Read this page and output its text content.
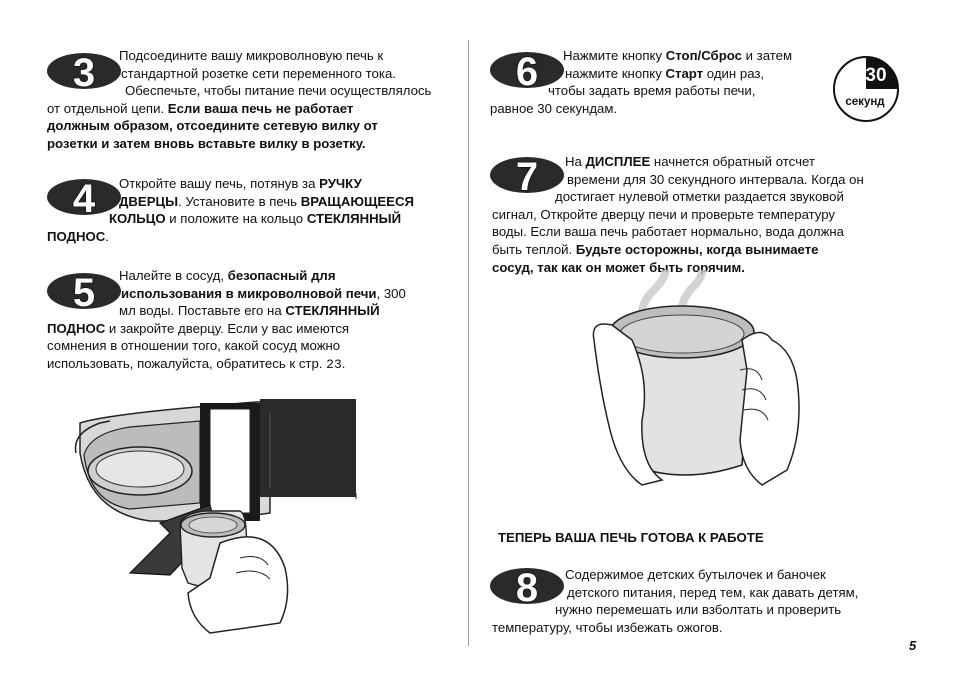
3	Подсоедините вашу микроволновую печь к
стандартной розетке сети переменного тока.
Обеспечьте, чтобы питание печи осуществлялось
от отдельной цепи. Если ваша печь не работает
должным образом, отсоедините сетевую вилку от
розетки и затем вновь вставьте вилку в розетку.
4	Откройте вашу печь, потянув за РУЧКУ
ДВЕРЦЫ. Установите в печь ВРАЩАЮЩЕЕСЯ
КОЛЬЦО и положите на кольцо СТЕКЛЯННЫЙ
ПОДНОС.
5	Налейте в сосуд, безопасный для
использования в микроволновой печи, 300
мл воды. Поставьте его на СТЕКЛЯННЫЙ
ПОДНОС и закройте дверцу. Если у вас имеются
сомнения в отношении того, какой сосуд можно
использовать, пожалуйста, обратитесь к стр. 23.
6	Нажмите кнопку Стоп/Сброс и затем
нажмите кнопку Старт один раз,
чтобы задать время работы печи,
равное 30 секундам.
30
секунд
7	На ДИСПЛЕЕ начнется обратный отсчет
времени для 30 секундного интервала. Когда он
достигает нулевой отметки раздается звуковой
сигнал, Откройте дверцу печи и проверьте температуру
воды. Если ваша печь работает нормально, вода должна
быть теплой. Будьте осторожны, когда вынимаете
сосуд, так как он может быть горячим.
ТЕПЕРЬ ВАША ПЕЧЬ ГОТОВА К РАБОТЕ
8	Содержимое детских бутылочек и баночек
детского питания, перед тем, как давать детям,
нужно перемешать или взболтать и проверить
температуру, чтобы избежать ожогов.
5
